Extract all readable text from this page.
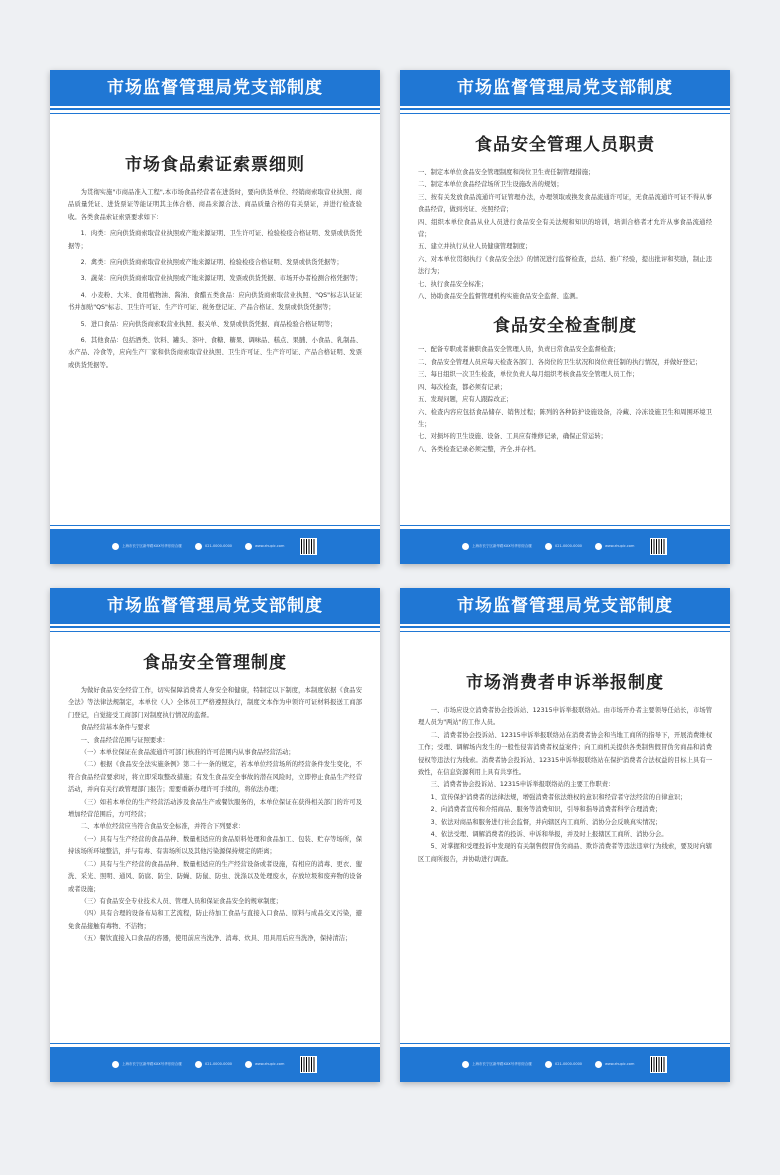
市场监督管理局党支部制度
市场食品索证索票细则

为贯彻实施"市商品准入工程",本市场食品经营者在进货时，要向供货单位、经销商索取营业执照、商品质量凭证、进货票证等能证明其主体合格、商品来源合法、商品质量合格的有关票证，并进行检查验收。各类食品索证索票要求如下：

1．肉类：应向供货商索取营业执照或产地来源证明、卫生许可证、检验检疫合格证明、发票或供货凭据等；

2．禽类：应向供货商索取营业执照或产地来源证明、检验检疫合格证明、发票或供货凭据等；

3．蔬菜：应向供货商索取营业执照或产地来源证明、发票或供货凭据、市场开办者检测合格凭据等；

4．小麦粉、大米、食用植物油、酱油、食醋五类食品：应向供货商索取营业执照、"QS"标志认证证书并加贴"QS"标志、卫生许可证、生产许可证、税务登记证、产品合格证、发票或供货凭据等；

5．进口食品：应向供货商索取营业执照、报关单、发票或供货凭据、商品检验合格证明等；

6．其他食品：包括酒类、饮料、罐头、茶叶、食糖、糖果、调味品、糕点、果脯、小食品、乳制品、水产品、冷食等，应向生产厂家和供货商索取营业执照、卫生许可证、生产许可证、产品合格证明、发票或供货凭据等。

上海市长宁区新华路XXX号华东综合楼	021-0000-0000	www.zhupic.com
市场监督管理局党支部制度
食品安全管理人员职责

一、制定本单位食品安全管理制度和岗位卫生责任制管理措施；

二、制定本单位食品经营场所卫生设施改善的规划；

三、按有关发放食品流通许可证管理办法，办理领取或换发食品流通许可证，无食品流通许可证不得从事食品经营，做到亮证、亮照经营；

四、组织本单位食品从业人员进行食品安全有关法规和知识的培训，培训合格者才允许从事食品流通经营；

五、建立并执行从业人员健康管理制度；

六、对本单位贯彻执行《食品安全法》的情况进行监督检查，总结、推广经验，提出批评和奖励，制止违法行为；

七、执行食品安全标准；

八、协助食品安全监督管理机构实施食品安全监督、监测。

食品安全检查制度

一、配备专职或者兼职食品安全管理人员，负责日常食品安全监督检查；

二、食品安全管理人员应每天检查各部门、各岗位的卫生状况和岗位责任制的执行情况，并做好登记；

三、每日组织一次卫生检查，单位负责人每月组织考核食品安全管理人员工作；

四、每次检查，都必须有记录；

五、发现问题，应有人跟踪改正；

六、检查内容应包括食品储存、销售过程；陈列的各种防护设施设备，冷藏、冷冻设施卫生和周围环境卫生；

七、对损坏的卫生设施、设备、工具应有维修记录，确保正常运转；

八、各类检查记录必须完整，齐全,并存档。

上海市长宁区新华路XXX号华东综合楼	021-0000-0000	www.zhupic.com
市场监督管理局党支部制度
食品安全管理制度

为做好食品安全经营工作，切实保障消费者人身安全和健康，特制定以下制度，本制度依据《食品安全法》等法律法规制定，本单位（人）全体员工严格遵照执行，制度文本作为申领许可证材料报送工商部门登记，自觉接受工商部门对制度执行情况的监督。

食品经营基本条件与要求

一、食品经营范围与证照要求：

（一）本单位保证在食品流通许可部门核准的许可范围内从事食品经营活动；

（二）根据《食品安全法实施条例》第二十一条的规定，若本单位经营场所的经营条件发生变化，不符合食品经营要求时，将立即采取整改措施；有发生食品安全事故的潜在风险时，立即停止食品生产经营活动，并向有关行政管理部门报告；需要重新办理许可手续的，将依法办理；

（三）如若本单位的生产经营活动涉及食品生产或餐饮服务的，本单位保证在获得相关部门的许可及增加经营范围后，方可经营；

二、本单位经营应当符合食品安全标准，并符合下列要求：

（一）具有与生产经营的食品品种、数量相适应的食品原料处理和食品加工、包装、贮存等场所，保持该场所环境整洁，并与有毒、有害场所以及其他污染源保持规定的距离；

（二）具有与生产经营的食品品种、数量相适应的生产经营设备或者设施，有相应的消毒、更衣、盥洗、采光、照明、通风、防腐、防尘、防蝇、防鼠、防虫、洗涤以及处理废水，存放垃圾和废弃物的设备或者设施；

（三）有食品安全专业技术人员、管理人员和保证食品安全的规章制度；

（四）具有合理的设备布局和工艺流程，防止待加工食品与直接入口食品、原料与成品交叉污染，避免食品接触有毒物、不洁物；

（五）餐饮直接入口食品的容器，使用前应当洗净、消毒、炊具、用具用后应当洗净，保持清洁；

上海市长宁区新华路XXX号华东综合楼	021-0000-0000	www.zhupic.com
市场监督管理局党支部制度
市场消费者申诉举报制度

一、市场应设立消费者协会投诉站、12315申诉举报联络站。由市场开办者主要领导任站长，市场管理人员为"两站"的工作人员。

二、消费者协会投诉站、12315申诉举报联络站在消费者协会和当地工商所的指导下，开展消费维权工作；受理、调解场内发生的一般性侵害消费者权益案件；向工商机关提供各类制售假冒伪劣商品和消费侵权等违法行为线索。消费者协会投诉站、12315申诉举报联络站在保护消费者合法权益的目标上具有一致性，在信息资源利用上具有共享性。

三、消费者协会投诉站、12315申诉举报联络站的主要工作职责：

1、宣传保护消费者的法律法规，增强消费者依法维权的意识和经营者守法经营的自律意识；

2、向消费者宣传和介绍商品、服务等消费知识，引导和指导消费者科学合理消费；

3、依法对商品和服务进行社会监督，并向辖区内工商所、消协分会反映真实情况；

4、依法受理、调解消费者的投诉、申诉和举报，并及时上报辖区工商所、消协分会。

5、对掌握和受理投诉中发现的有关制售假冒伪劣商品、欺诈消费者等违法违章行为线索，要及时向辖区工商所报告，并协助进行调查。

上海市长宁区新华路XXX号华东综合楼	021-0000-0000	www.zhupic.com
